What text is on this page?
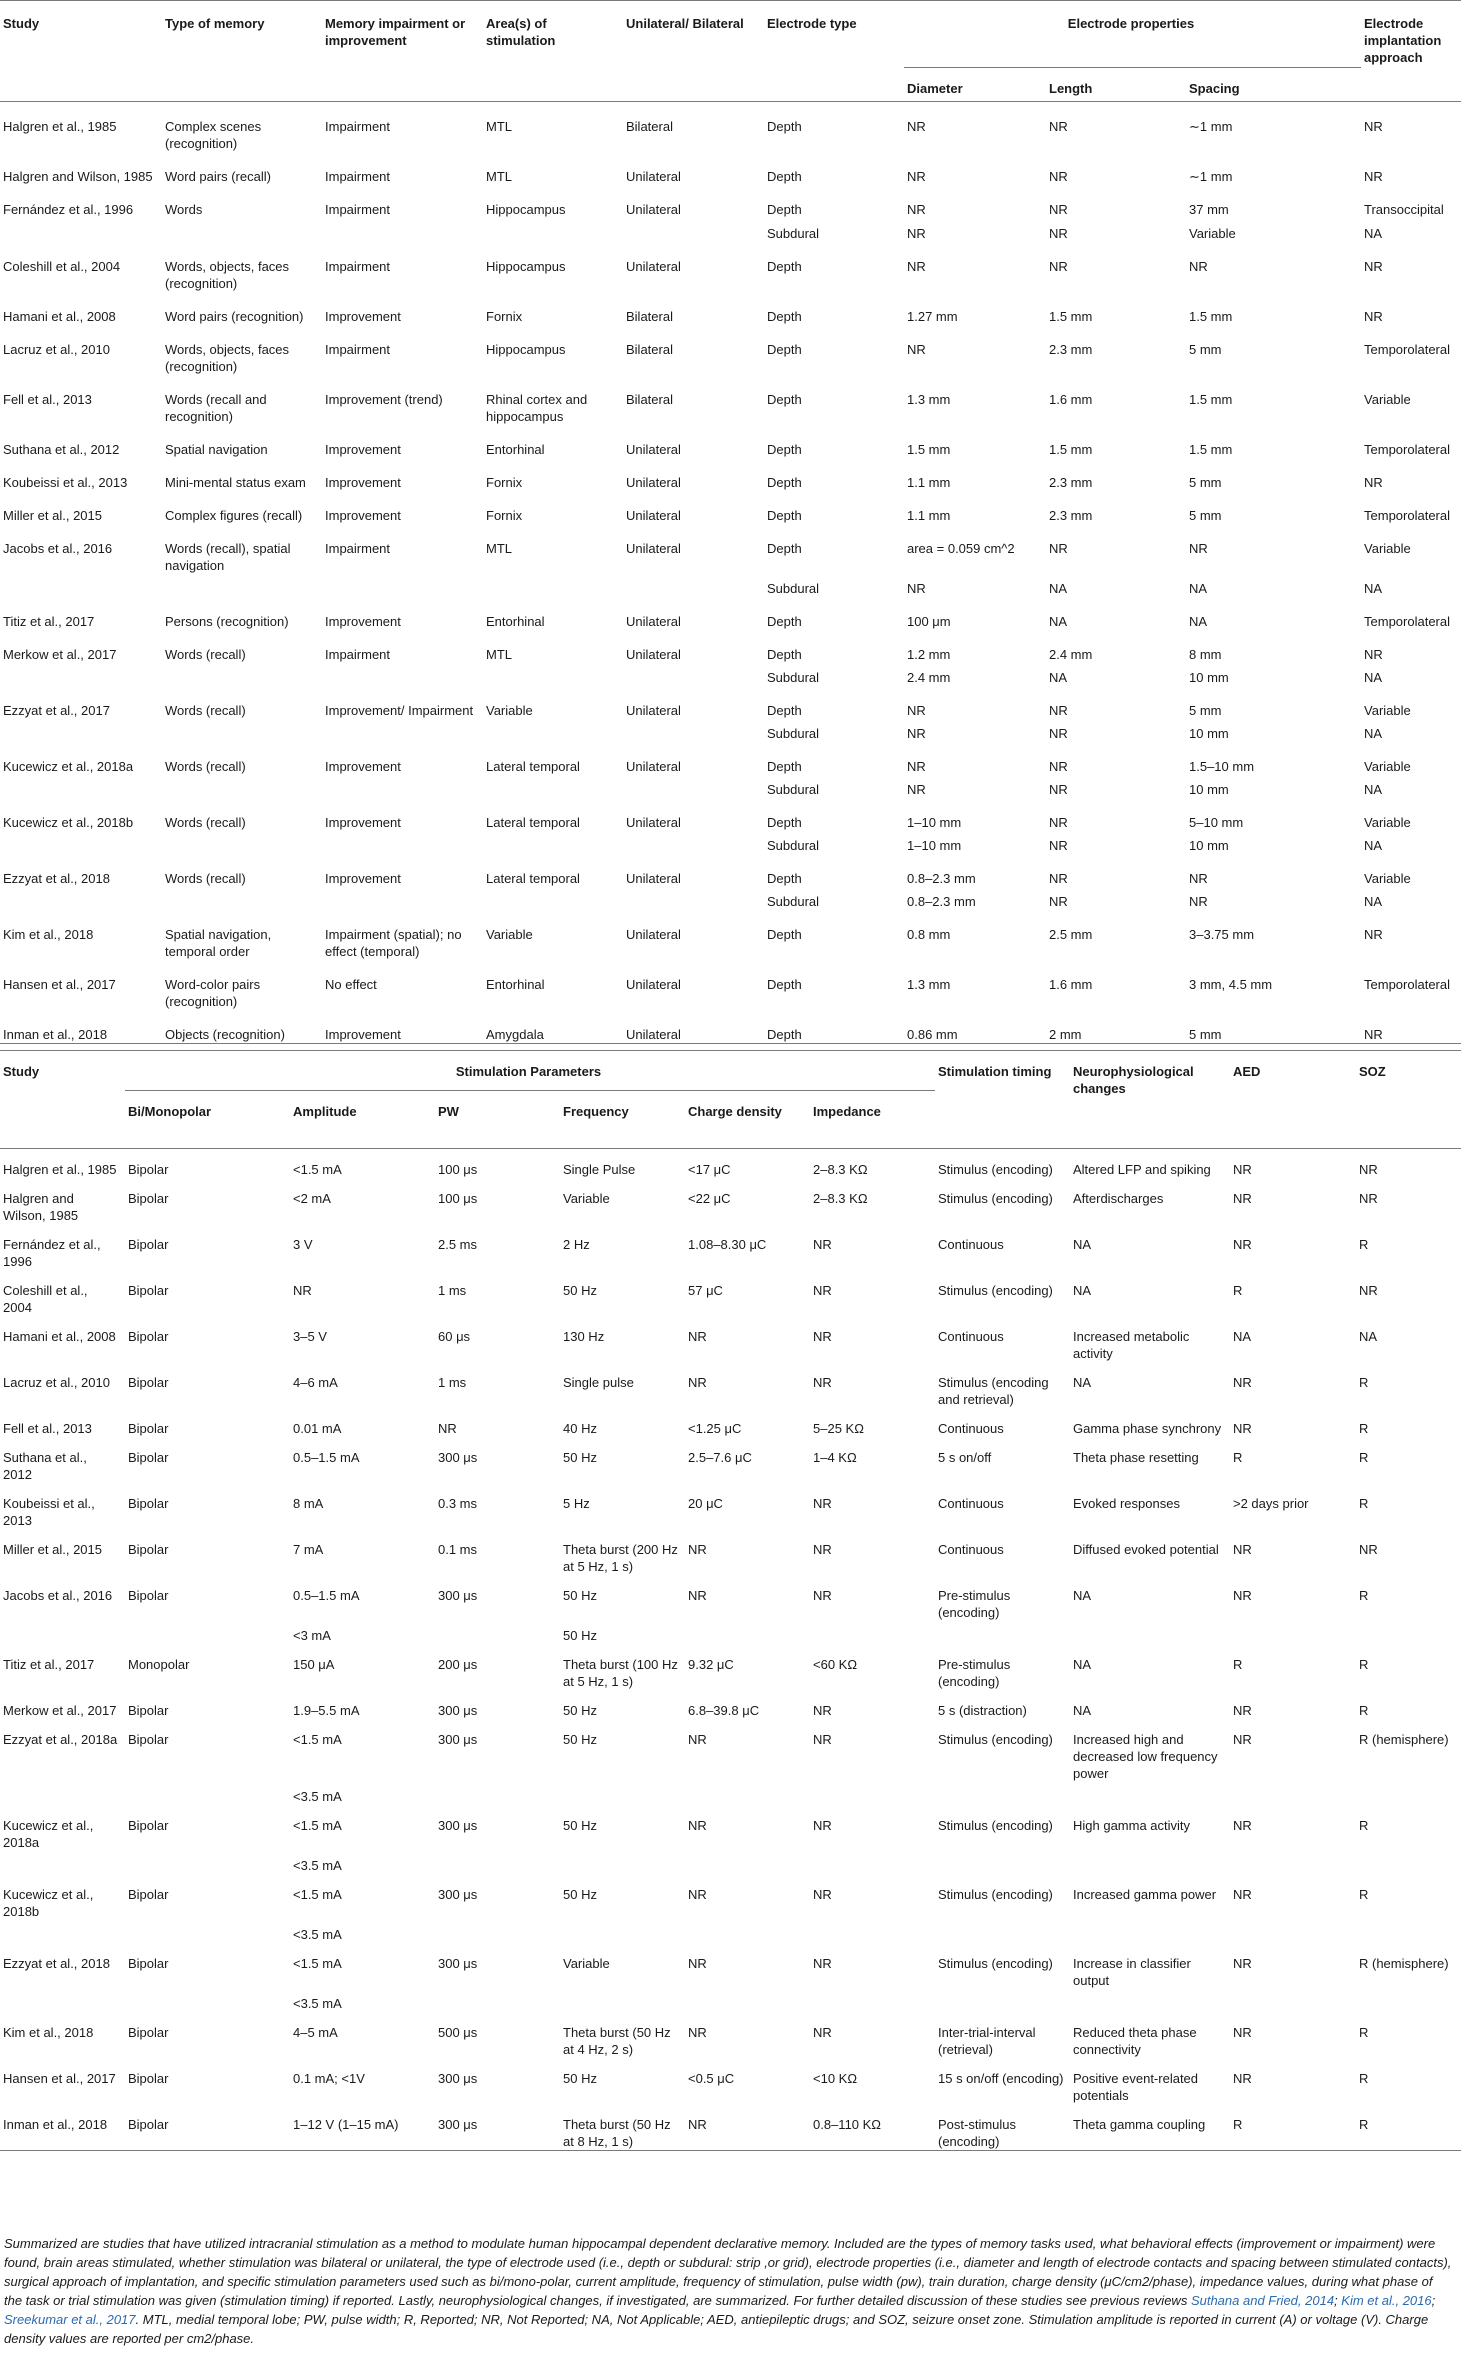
Study	Type of memory	Memory impairment or improvement	Area(s) of stimulation	Unilateral/ Bilateral	Electrode type	Electrode properties			Electrode implantation approach
						Diameter	Length	Spacing	
Halgren et al., 1985	Complex scenes (recognition)	Impairment	MTL	Bilateral	Depth	NR	NR	∼1 mm	NR
Halgren and Wilson, 1985	Word pairs (recall)	Impairment	MTL	Unilateral	Depth	NR	NR	∼1 mm	NR
Fernández et al., 1996	Words	Impairment	Hippocampus	Unilateral	Depth	NR	NR	37 mm	Transoccipital
					Subdural	NR	NR	Variable	NA
Coleshill et al., 2004	Words, objects, faces (recognition)	Impairment	Hippocampus	Unilateral	Depth	NR	NR	NR	NR
Hamani et al., 2008	Word pairs (recognition)	Improvement	Fornix	Bilateral	Depth	1.27 mm	1.5 mm	1.5 mm	NR
Lacruz et al., 2010	Words, objects, faces (recognition)	Impairment	Hippocampus	Bilateral	Depth	NR	2.3 mm	5 mm	Temporolateral
Fell et al., 2013	Words (recall and recognition)	Improvement (trend)	Rhinal cortex and hippocampus	Bilateral	Depth	1.3 mm	1.6 mm	1.5 mm	Variable
Suthana et al., 2012	Spatial navigation	Improvement	Entorhinal	Unilateral	Depth	1.5 mm	1.5 mm	1.5 mm	Temporolateral
Koubeissi et al., 2013	Mini-mental status exam	Improvement	Fornix	Unilateral	Depth	1.1 mm	2.3 mm	5 mm	NR
Miller et al., 2015	Complex figures (recall)	Improvement	Fornix	Unilateral	Depth	1.1 mm	2.3 mm	5 mm	Temporolateral
Jacobs et al., 2016	Words (recall), spatial navigation	Impairment	MTL	Unilateral	Depth	area = 0.059 cm^2	NR	NR	Variable
					Subdural	NR	NA	NA	NA
Titiz et al., 2017	Persons (recognition)	Improvement	Entorhinal	Unilateral	Depth	100 μm	NA	NA	Temporolateral
Merkow et al., 2017	Words (recall)	Impairment	MTL	Unilateral	Depth	1.2 mm	2.4 mm	8 mm	NR
					Subdural	2.4 mm	NA	10 mm	NA
Ezzyat et al., 2017	Words (recall)	Improvement/ Impairment	Variable	Unilateral	Depth	NR	NR	5 mm	Variable
					Subdural	NR	NR	10 mm	NA
Kucewicz et al., 2018a	Words (recall)	Improvement	Lateral temporal	Unilateral	Depth	NR	NR	1.5–10 mm	Variable
					Subdural	NR	NR	10 mm	NA
Kucewicz et al., 2018b	Words (recall)	Improvement	Lateral temporal	Unilateral	Depth	1–10 mm	NR	5–10 mm	Variable
					Subdural	1–10 mm	NR	10 mm	NA
Ezzyat et al., 2018	Words (recall)	Improvement	Lateral temporal	Unilateral	Depth	0.8–2.3 mm	NR	NR	Variable
					Subdural	0.8–2.3 mm	NR	NR	NA
Kim et al., 2018	Spatial navigation, temporal order	Impairment (spatial); no effect (temporal)	Variable	Unilateral	Depth	0.8 mm	2.5 mm	3–3.75 mm	NR
Hansen et al., 2017	Word-color pairs (recognition)	No effect	Entorhinal	Unilateral	Depth	1.3 mm	1.6 mm	3 mm, 4.5 mm	Temporolateral
Inman et al., 2018	Objects (recognition)	Improvement	Amygdala	Unilateral	Depth	0.86 mm	2 mm	5 mm	NR
Study	Stimulation Parameters						Stimulation timing	Neurophysiological changes	AED	SOZ
	Bi/Monopolar	Amplitude	PW	Frequency	Charge density	Impedance				
Halgren et al., 1985	Bipolar	<1.5 mA	100 μs	Single Pulse	<17 μC	2–8.3 KΩ	Stimulus (encoding)	Altered LFP and spiking	NR	NR
Halgren and Wilson, 1985	Bipolar	<2 mA	100 μs	Variable	<22 μC	2–8.3 KΩ	Stimulus (encoding)	Afterdischarges	NR	NR
Fernández et al., 1996	Bipolar	3 V	2.5 ms	2 Hz	1.08–8.30 μC	NR	Continuous	NA	NR	R
Coleshill et al., 2004	Bipolar	NR	1 ms	50 Hz	57 μC	NR	Stimulus (encoding)	NA	R	NR
Hamani et al., 2008	Bipolar	3–5 V	60 μs	130 Hz	NR	NR	Continuous	Increased metabolic activity	NA	NA
Lacruz et al., 2010	Bipolar	4–6 mA	1 ms	Single pulse	NR	NR	Stimulus (encoding and retrieval)	NA	NR	R
Fell et al., 2013	Bipolar	0.01 mA	NR	40 Hz	<1.25 μC	5–25 KΩ	Continuous	Gamma phase synchrony	NR	R
Suthana et al., 2012	Bipolar	0.5–1.5 mA	300 μs	50 Hz	2.5–7.6 μC	1–4 KΩ	5 s on/off	Theta phase resetting	R	R
Koubeissi et al., 2013	Bipolar	8 mA	0.3 ms	5 Hz	20 μC	NR	Continuous	Evoked responses	>2 days prior	R
Miller et al., 2015	Bipolar	7 mA	0.1 ms	Theta burst (200 Hz at 5 Hz, 1 s)	NR	NR	Continuous	Diffused evoked potential	NR	NR
Jacobs et al., 2016	Bipolar	0.5–1.5 mA	300 μs	50 Hz	NR	NR	Pre-stimulus (encoding)	NA	NR	R
		<3 mA		50 Hz						
Titiz et al., 2017	Monopolar	150 μA	200 μs	Theta burst (100 Hz at 5 Hz, 1 s)	9.32 μC	<60 KΩ	Pre-stimulus (encoding)	NA	R	R
Merkow et al., 2017	Bipolar	1.9–5.5 mA	300 μs	50 Hz	6.8–39.8 μC	NR	5 s (distraction)	NA	NR	R
Ezzyat et al., 2018a	Bipolar	<1.5 mA	300 μs	50 Hz	NR	NR	Stimulus (encoding)	Increased high and decreased low frequency power	NR	R (hemisphere)
		<3.5 mA								
Kucewicz et al., 2018a	Bipolar	<1.5 mA	300 μs	50 Hz	NR	NR	Stimulus (encoding)	High gamma activity	NR	R
		<3.5 mA								
Kucewicz et al., 2018b	Bipolar	<1.5 mA	300 μs	50 Hz	NR	NR	Stimulus (encoding)	Increased gamma power	NR	R
		<3.5 mA								
Ezzyat et al., 2018	Bipolar	<1.5 mA	300 μs	Variable	NR	NR	Stimulus (encoding)	Increase in classifier output	NR	R (hemisphere)
		<3.5 mA								
Kim et al., 2018	Bipolar	4–5 mA	500 μs	Theta burst (50 Hz at 4 Hz, 2 s)	NR	NR	Inter-trial-interval (retrieval)	Reduced theta phase connectivity	NR	R
Hansen et al., 2017	Bipolar	0.1 mA; <1V	300 μs	50 Hz	<0.5 μC	<10 KΩ	15 s on/off (encoding)	Positive event-related potentials	NR	R
Inman et al., 2018	Bipolar	1–12 V (1–15 mA)	300 μs	Theta burst (50 Hz at 8 Hz, 1 s)	NR	0.8–110 KΩ	Post-stimulus (encoding)	Theta gamma coupling	R	R
Summarized are studies that have utilized intracranial stimulation as a method to modulate human hippocampal dependent declarative memory. Included are the types of memory tasks used, what behavioral effects (improvement or impairment) were found, brain areas stimulated, whether stimulation was bilateral or unilateral, the type of electrode used (i.e., depth or subdural: strip ,or grid), electrode properties (i.e., diameter and length of electrode contacts and spacing between stimulated contacts), surgical approach of implantation, and specific stimulation parameters used such as bi/mono-polar, current amplitude, frequency of stimulation, pulse width (pw), train duration, charge density (μC/cm2/phase), impedance values, during what phase of the task or trial stimulation was given (stimulation timing) if reported. Lastly, neurophysiological changes, if investigated, are summarized. For further detailed discussion of these studies see previous reviews Suthana and Fried, 2014; Kim et al., 2016; Sreekumar et al., 2017. MTL, medial temporal lobe; PW, pulse width; R, Reported; NR, Not Reported; NA, Not Applicable; AED, antiepileptic drugs; and SOZ, seizure onset zone. Stimulation amplitude is reported in current (A) or voltage (V). Charge density values are reported per cm2/phase.
